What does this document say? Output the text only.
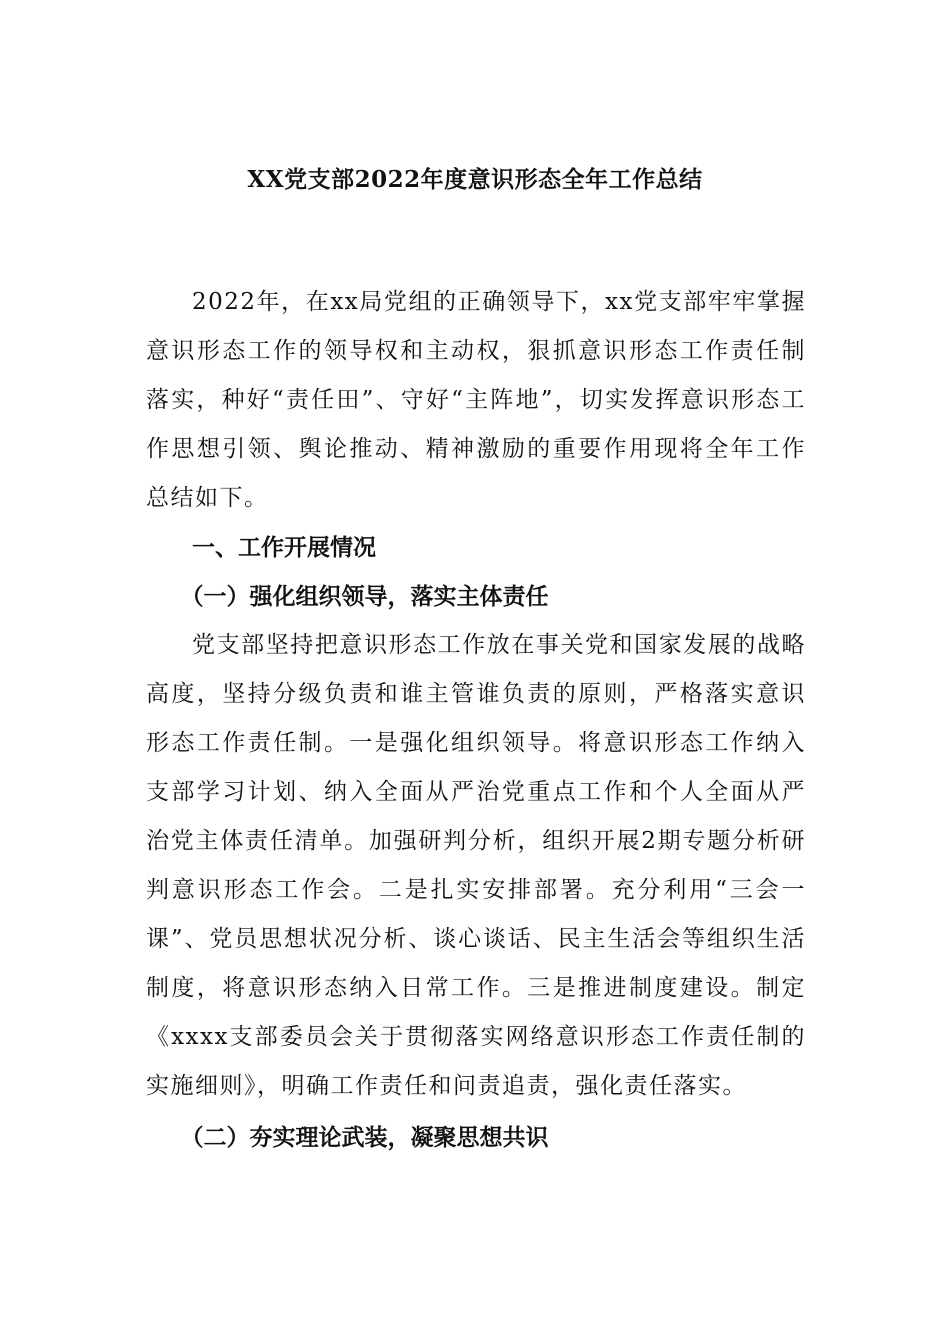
XX党支部2022年度意识形态全年工作总结

2022年，在xx局党组的正确领导下，xx党支部牢牢掌握意识形态工作的领导权和主动权，狠抓意识形态工作责任制落实，种好“责任田”、守好“主阵地”，切实发挥意识形态工作思想引领、舆论推动、精神激励的重要作用现将全年工作总结如下。

一、工作开展情况

（一）强化组织领导，落实主体责任

党支部坚持把意识形态工作放在事关党和国家发展的战略高度，坚持分级负责和谁主管谁负责的原则，严格落实意识形态工作责任制。一是强化组织领导。将意识形态工作纳入支部学习计划、纳入全面从严治党重点工作和个人全面从严治党主体责任清单。加强研判分析，组织开展2期专题分析研判意识形态工作会。二是扎实安排部署。充分利用“三会一课”、党员思想状况分析、谈心谈话、民主生活会等组织生活制度，将意识形态纳入日常工作。三是推进制度建设。制定《xxxx支部委员会关于贯彻落实网络意识形态工作责任制的实施细则》，明确工作责任和问责追责，强化责任落实。

（二）夯实理论武装，凝聚思想共识
